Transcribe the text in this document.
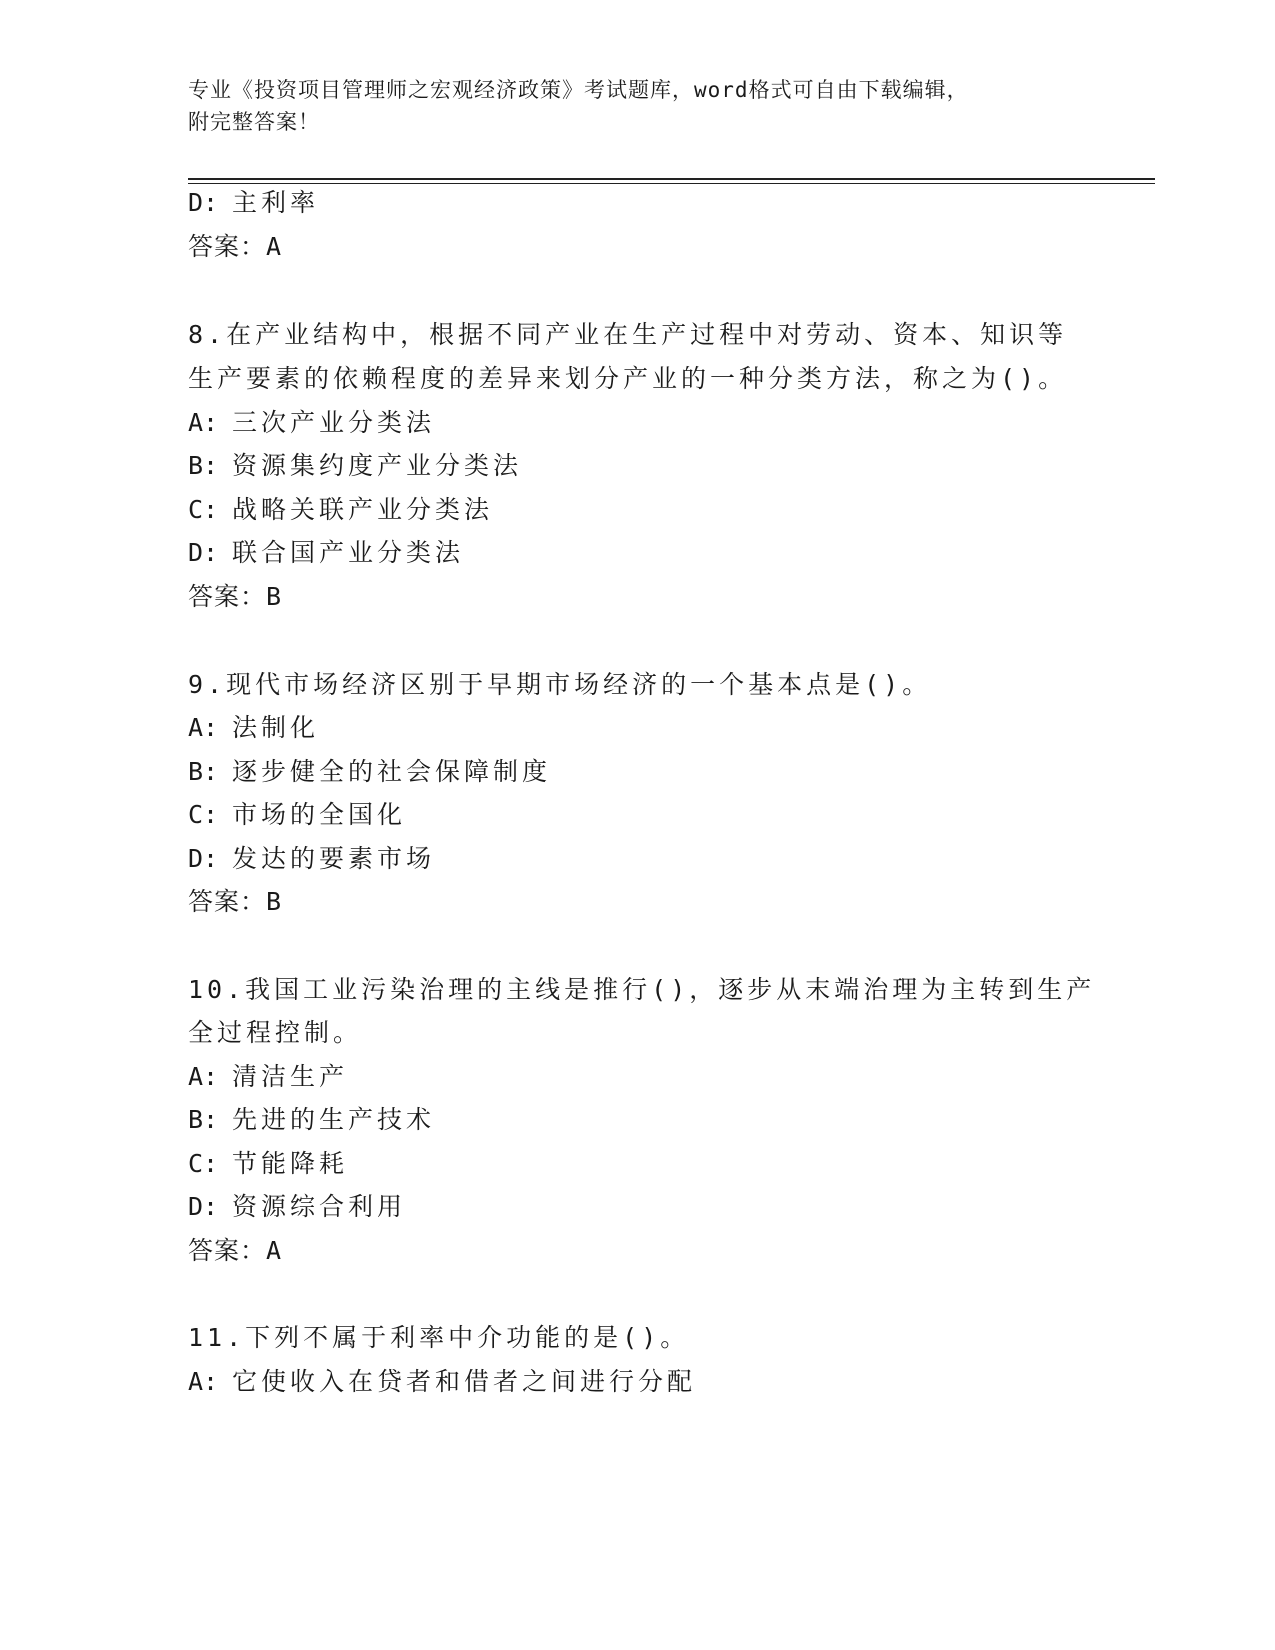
专业《投资项目管理师之宏观经济政策》考试题库，word格式可自由下载编辑，
附完整答案！
D: 主利率
答案：A
8.在产业结构中，根据不同产业在生产过程中对劳动、资本、知识等
生产要素的依赖程度的差异来划分产业的一种分类方法，称之为()。
A: 三次产业分类法
B: 资源集约度产业分类法
C: 战略关联产业分类法
D: 联合国产业分类法
答案：B
9.现代市场经济区别于早期市场经济的一个基本点是()。
A: 法制化
B: 逐步健全的社会保障制度
C: 市场的全国化
D: 发达的要素市场
答案：B
10.我国工业污染治理的主线是推行()，逐步从末端治理为主转到生产
全过程控制。
A: 清洁生产
B: 先进的生产技术
C: 节能降耗
D: 资源综合利用
答案：A
11.下列不属于利率中介功能的是()。
A: 它使收入在贷者和借者之间进行分配
